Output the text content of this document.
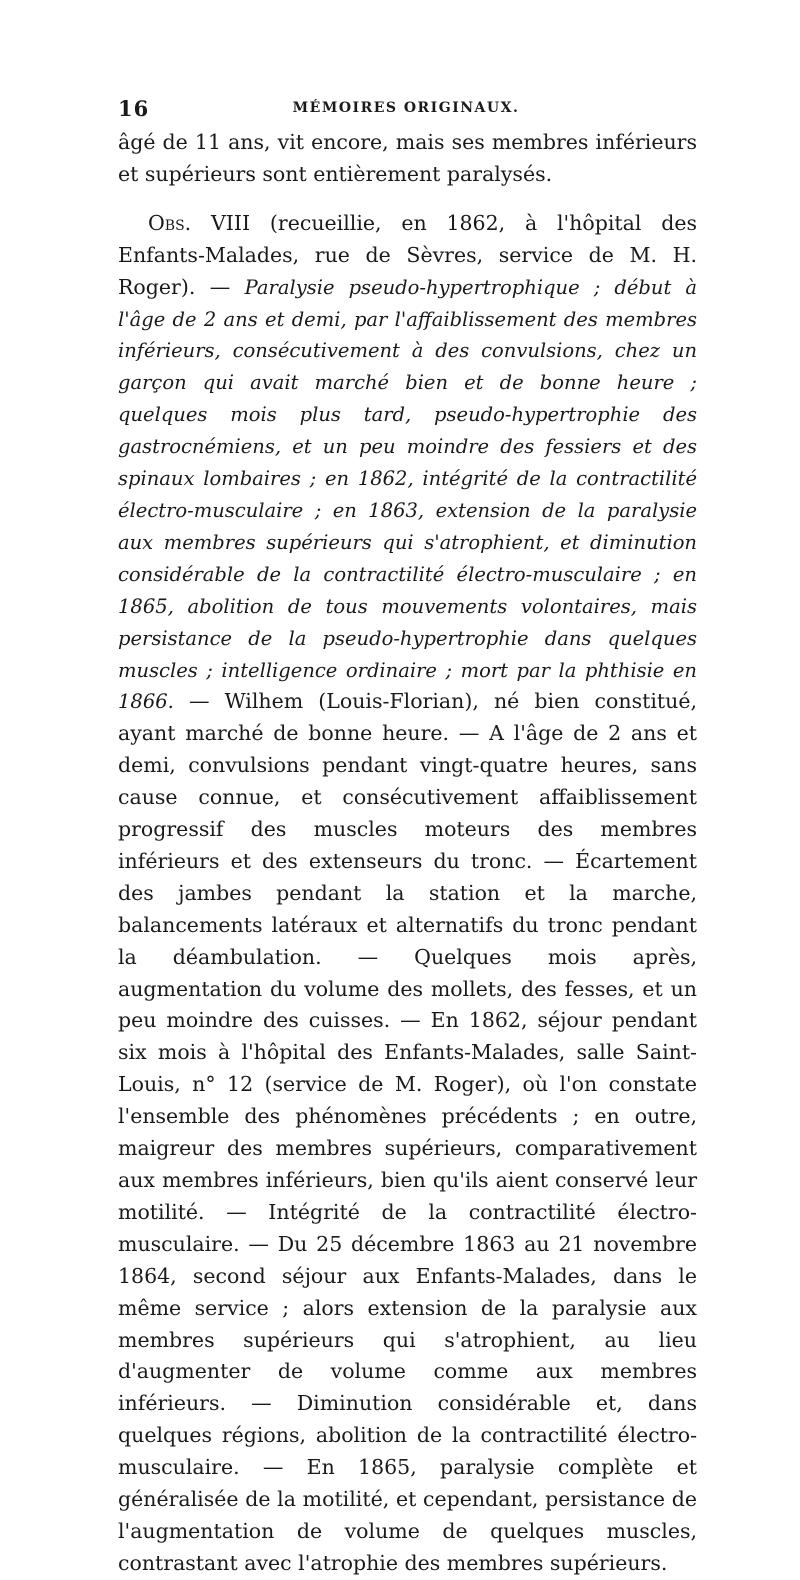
16	MÉMOIRES ORIGINAUX.

âgé de 11 ans, vit encore, mais ses membres inférieurs et supérieurs sont entièrement paralysés.

Obs. VIII (recueillie, en 1862, à l'hôpital des Enfants-Malades, rue de Sèvres, service de M. H. Roger). — Paralysie pseudo-hypertrophique ; début à l'âge de 2 ans et demi, par l'affaiblissement des membres inférieurs, consécutivement à des convulsions, chez un garçon qui avait marché bien et de bonne heure ; quelques mois plus tard, pseudo-hypertrophie des gastrocnémiens, et un peu moindre des fessiers et des spinaux lombaires ; en 1862, intégrité de la contractilité électro-musculaire ; en 1863, extension de la paralysie aux membres supérieurs qui s'atrophient, et diminution considérable de la contractilité électro-musculaire ; en 1865, abolition de tous mouvements volontaires, mais persistance de la pseudo-hypertrophie dans quelques muscles ; intelligence ordinaire ; mort par la phthisie en 1866. — Wilhem (Louis-Florian), né bien constitué, ayant marché de bonne heure. — A l'âge de 2 ans et demi, convulsions pendant vingt-quatre heures, sans cause connue, et consécutivement affaiblissement progressif des muscles moteurs des membres inférieurs et des extenseurs du tronc. — Écartement des jambes pendant la station et la marche, balancements latéraux et alternatifs du tronc pendant la déambulation. — Quelques mois après, augmentation du volume des mollets, des fesses, et un peu moindre des cuisses. — En 1862, séjour pendant six mois à l'hôpital des Enfants-Malades, salle Saint-Louis, n° 12 (service de M. Roger), où l'on constate l'ensemble des phénomènes précédents ; en outre, maigreur des membres supérieurs, comparativement aux membres inférieurs, bien qu'ils aient conservé leur motilité. — Intégrité de la contractilité électro-musculaire. — Du 25 décembre 1863 au 21 novembre 1864, second séjour aux Enfants-Malades, dans le même service ; alors extension de la paralysie aux membres supérieurs qui s'atrophient, au lieu d'augmenter de volume comme aux membres inférieurs. — Diminution considérable et, dans quelques régions, abolition de la contractilité électro-musculaire. — En 1865, paralysie complète et généralisée de la motilité, et cependant, persistance de l'augmentation de volume de quelques muscles, contrastant avec l'atrophie des membres supérieurs.
